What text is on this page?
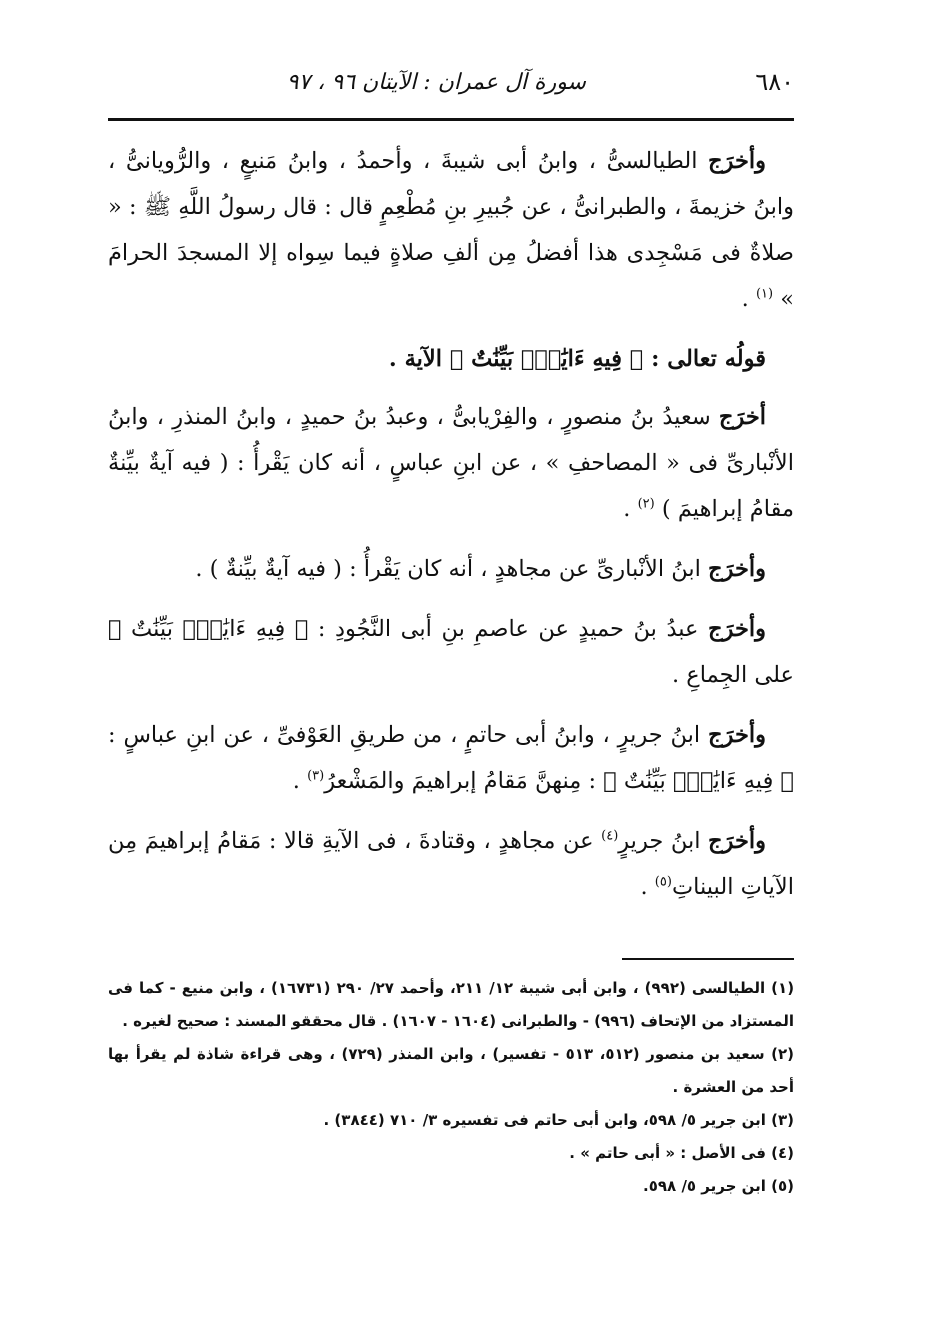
٦٨٠
سورة آل عمران : الآيتان ٩٦ ، ٩٧

وأخرَج الطيالسىُّ ، وابنُ أبى شيبةَ ، وأحمدُ ، وابنُ مَنيعٍ ، والرُّويانىُّ ، وابنُ خزيمةَ ، والطبرانىُّ ، عن جُبيرِ بنِ مُطْعِمٍ قال : قال رسولُ اللَّهِ ﷺ : « صلاةٌ فى مَسْجِدى هذا أفضلُ مِن ألفِ صلاةٍ فيما سِواه إلا المسجدَ الحرامَ » $^{(١)}$ .

قولُه تعالى : ﴿ فِيهِ ءَايَٰتٌۢ بَيِّنَٰتٌ ﴾ الآية .

أخرَج سعيدُ بنُ منصورٍ ، والفِرْيابىُّ ، وعبدُ بنُ حميدٍ ، وابنُ المنذرِ ، وابنُ الأنْبارىِّ فى « المصاحفِ » ، عن ابنِ عباسٍ ، أنه كان يَقْرأُ : ( فيه آيةٌ بيِّنةٌ مقامُ إبراهيمَ ) $^{(٢)}$ .

وأخرَج ابنُ الأنْبارىِّ عن مجاهدٍ ، أنه كان يَقْرأُ : ( فيه آيةٌ بيِّنةٌ ) .

وأخرَج عبدُ بنُ حميدٍ عن عاصمِ بنِ أبى النَّجُودِ : ﴿ فِيهِ ءَايَٰتٌۢ بَيِّنَٰتٌ ﴾ على الجِماعِ .

وأخرَج ابنُ جريرٍ ، وابنُ أبى حاتمٍ ، من طريقِ العَوْفىِّ ، عن ابنِ عباسٍ : ﴿ فِيهِ ءَايَٰتٌۢ بَيِّنَٰتٌ ﴾ : مِنهنَّ مَقامُ إبراهيمَ والمَشْعرُ$^{(٣)}$ .

وأخرَج ابنُ جريرٍ$^{(٤)}$ عن مجاهدٍ ، وقتادةَ ، فى الآيةِ قالا : مَقامُ إبراهيمَ مِن الآياتِ البيناتِ$^{(٥)}$ .

(١) الطيالسى (٩٩٢) ، وابن أبى شيبة ١٢/ ٢١١، وأحمد ٢٧/ ٢٩٠ (١٦٧٣١) ، وابن منيع - كما فى المستزاد من الإتحاف (٩٩٦) - والطبرانى (١٦٠٤ - ١٦٠٧) . قال محققو المسند : صحيح لغيره .

(٢) سعيد بن منصور (٥١٢، ٥١٣ - تفسير) ، وابن المنذر (٧٢٩) ، وهى قراءة شاذة لم يقرأ بها أحد من العشرة .

(٣) ابن جرير ٥/ ٥٩٨، وابن أبى حاتم فى تفسيره ٣/ ٧١٠ (٣٨٤٤) .

(٤) فى الأصل : « أبى حاتم » .

(٥) ابن جرير ٥/ ٥٩٨.
